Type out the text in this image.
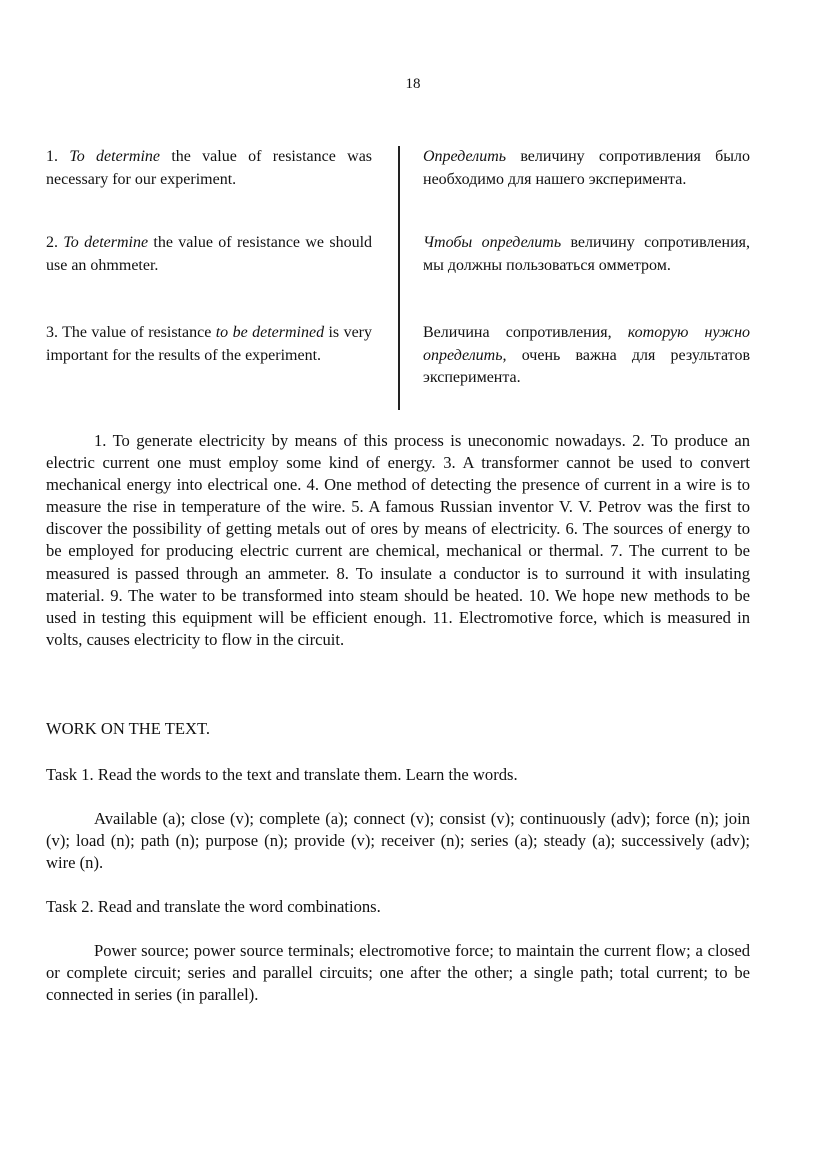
18

1. To determine the value of resistance was necessary for our experiment.

Определить величину сопротивления было необходимо для нашего эксперимента.

2. To determine the value of resistance we should use an ohmmeter.

Чтобы определить величину сопротивления, мы должны пользоваться омметром.

3. The value of resistance to be determined is very important for the results of the experiment.

Величина сопротивления, которую нужно определить, очень важна для результатов эксперимента.

1. To generate electricity by means of this process is uneconomic nowadays. 2. To produce an electric current one must employ some kind of energy. 3. A transformer cannot be used to convert mechanical energy into electrical one. 4. One method of detecting the presence of current in a wire is to measure the rise in temperature of the wire. 5. A famous Russian inventor V. V. Petrov was the first to discover the possibility of getting metals out of ores by means of electricity. 6. The sources of energy to be employed for producing electric current are chemical, mechanical or thermal. 7. The current to be measured is passed through an ammeter. 8. To insulate a conductor is to surround it with insulating material. 9. The water to be transformed into steam should be heated. 10. We hope new methods to be used in testing this equipment will be efficient enough. 11. Electromotive force, which is measured in volts, causes electricity to flow in the circuit.

WORK ON THE TEXT.

Task 1. Read the words to the text and translate them. Learn the words.

Available (a); close (v); complete (a); connect (v); consist (v); continuously (adv); force (n); join (v); load (n); path (n); purpose (n); provide (v); receiver (n); series (a); steady (a); successively (adv); wire (n).

Task 2. Read and translate the word combinations.

Power source; power source terminals; electromotive force; to maintain the current flow; a closed or complete circuit; series and parallel circuits; one after the other; a single path; total current; to be connected in series (in parallel).
